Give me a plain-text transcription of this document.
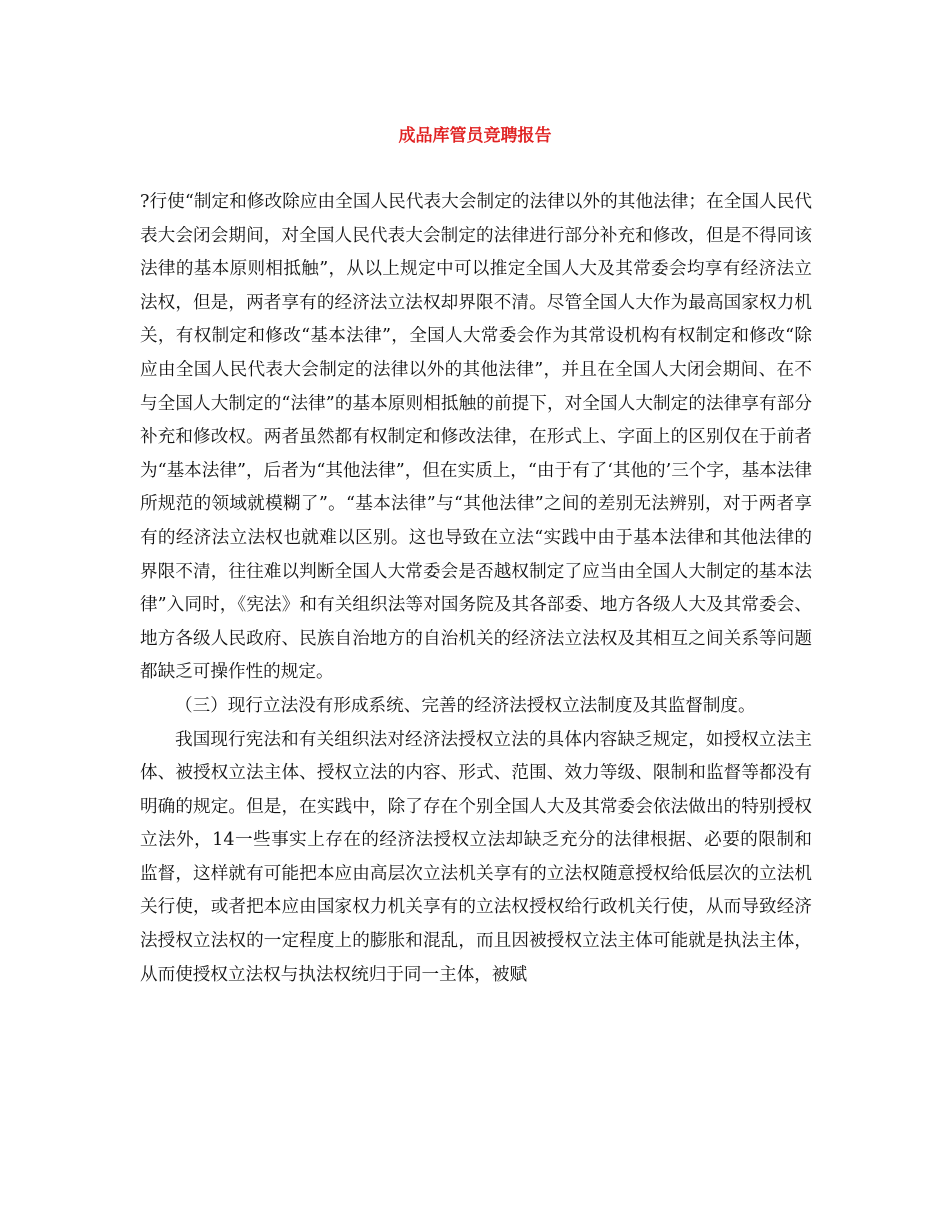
成品库管员竞聘报告

?行使“制定和修改除应由全国人民代表大会制定的法律以外的其他法律；在全国人民代表大会闭会期间，对全国人民代表大会制定的法律进行部分补充和修改，但是不得同该法律的基本原则相抵触”，从以上规定中可以推定全国人大及其常委会均享有经济法立法权，但是，两者享有的经济法立法权却界限不清。尽管全国人大作为最高国家权力机关，有权制定和修改“基本法律”，全国人大常委会作为其常设机构有权制定和修改“除应由全国人民代表大会制定的法律以外的其他法律”，并且在全国人大闭会期间、在不与全国人大制定的“法律”的基本原则相抵触的前提下，对全国人大制定的法律享有部分补充和修改权。两者虽然都有权制定和修改法律，在形式上、字面上的区别仅在于前者为“基本法律”，后者为“其他法律”，但在实质上，“由于有了‘其他的’三个字，基本法律所规范的领域就模糊了”。“基本法律”与“其他法律”之间的差别无法辨别，对于两者享有的经济法立法权也就难以区别。这也导致在立法“实践中由于基本法律和其他法律的界限不清，往往难以判断全国人大常委会是否越权制定了应当由全国人大制定的基本法律”入同时，《宪法》和有关组织法等对国务院及其各部委、地方各级人大及其常委会、地方各级人民政府、民族自治地方的自治机关的经济法立法权及其相互之间关系等问题都缺乏可操作性的规定。

（三）现行立法没有形成系统、完善的经济法授权立法制度及其监督制度。

我国现行宪法和有关组织法对经济法授权立法的具体内容缺乏规定，如授权立法主体、被授权立法主体、授权立法的内容、形式、范围、效力等级、限制和监督等都没有明确的规定。但是，在实践中，除了存在个别全国人大及其常委会依法做出的特别授权立法外，14一些事实上存在的经济法授权立法却缺乏充分的法律根据、必要的限制和监督，这样就有可能把本应由高层次立法机关享有的立法权随意授权给低层次的立法机关行使，或者把本应由国家权力机关享有的立法权授权给行政机关行使，从而导致经济法授权立法权的一定程度上的膨胀和混乱，而且因被授权立法主体可能就是执法主体，从而使授权立法权与执法权统归于同一主体，被赋
